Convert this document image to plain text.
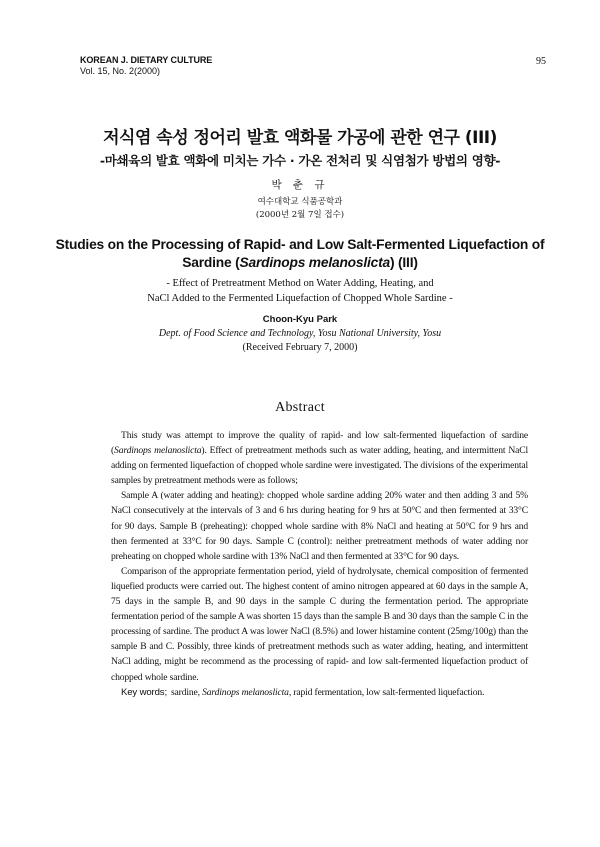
KOREAN J. DIETARY CULTURE
Vol. 15, No. 2(2000)
95
저식염 속성 정어리 발효 액화물 가공에 관한 연구 (III)
-마쇄육의 발효 액화에 미치는 가수 · 가온 전처리 및 식염첨가 방법의 영향-
박 춘 규
여수대학교 식품공학과
(2000년 2월 7일 접수)
Studies on the Processing of Rapid- and Low Salt-Fermented Liquefaction of
Sardine (Sardinops melanoslicta) (III)
- Effect of Pretreatment Method on Water Adding, Heating, and
NaCl Added to the Fermented Liquefaction of Chopped Whole Sardine -
Choon-Kyu Park
Dept. of Food Science and Technology, Yosu National University, Yosu
(Received February 7, 2000)
Abstract

This study was attempt to improve the quality of rapid- and low salt-fermented liquefaction of sardine (Sardinops melanoslicta). Effect of pretreatment methods such as water adding, heating, and intermittent NaCl adding on fermented liquefaction of chopped whole sardine were investigated. The divisions of the experimental samples by pretreatment methods were as follows;

Sample A (water adding and heating): chopped whole sardine adding 20% water and then adding 3 and 5% NaCl consecutively at the intervals of 3 and 6 hrs during heating for 9 hrs at 50°C and then fermented at 33°C for 90 days. Sample B (preheating): chopped whole sardine with 8% NaCl and heating at 50°C for 9 hrs and then fermented at 33°C for 90 days. Sample C (control): neither pretreatment methods of water adding nor preheating on chopped whole sardine with 13% NaCl and then fermented at 33°C for 90 days.

Comparison of the appropriate fermentation period, yield of hydrolysate, chemical composition of fermented liquefied products were carried out. The highest content of amino nitrogen appeared at 60 days in the sample A, 75 days in the sample B, and 90 days in the sample C during the fermentation period. The appropriate fermentation period of the sample A was shorten 15 days than the sample B and 30 days than the sample C in the processing of sardine. The product A was lower NaCl (8.5%) and lower histamine content (25mg/100g) than the sample B and C. Possibly, three kinds of pretreatment methods such as water adding, heating, and intermittent NaCl adding, might be recommend as the processing of rapid- and low salt-fermented liquefaction product of chopped whole sardine.

Key words; sardine, Sardinops melanoslicta, rapid fermentation, low salt-fermented liquefaction.
